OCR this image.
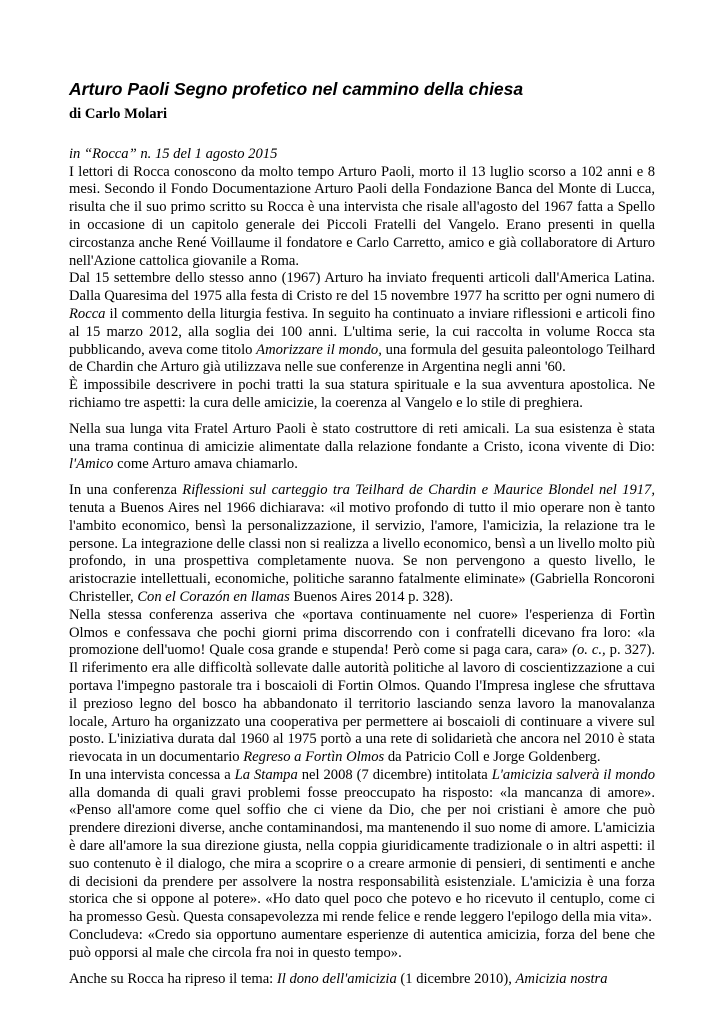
Arturo Paoli Segno profetico nel cammino della chiesa
di Carlo Molari
in “Rocca” n. 15 del 1 agosto 2015

I lettori di Rocca conoscono da molto tempo Arturo Paoli, morto il 13 luglio scorso a 102 anni e 8 mesi. Secondo il Fondo Documentazione Arturo Paoli della Fondazione Banca del Monte di Lucca, risulta che il suo primo scritto su Rocca è una intervista che risale all'agosto del 1967 fatta a Spello in occasione di un capitolo generale dei Piccoli Fratelli del Vangelo. Erano presenti in quella circostanza anche René Voillaume il fondatore e Carlo Carretto, amico e già collaboratore di Arturo nell'Azione cattolica giovanile a Roma.

Dal 15 settembre dello stesso anno (1967) Arturo ha inviato frequenti articoli dall'America Latina. Dalla Quaresima del 1975 alla festa di Cristo re del 15 novembre 1977 ha scritto per ogni numero di Rocca il commento della liturgia festiva. In seguito ha continuato a inviare riflessioni e articoli fino al 15 marzo 2012, alla soglia dei 100 anni. L'ultima serie, la cui raccolta in volume Rocca sta pubblicando, aveva come titolo Amorizzare il mondo, una formula del gesuita paleontologo Teilhard de Chardin che Arturo già utilizzava nelle sue conferenze in Argentina negli anni '60.

È impossibile descrivere in pochi tratti la sua statura spirituale e la sua avventura apostolica. Ne richiamo tre aspetti: la cura delle amicizie, la coerenza al Vangelo e lo stile di preghiera.

Nella sua lunga vita Fratel Arturo Paoli è stato costruttore di reti amicali. La sua esistenza è stata una trama continua di amicizie alimentate dalla relazione fondante a Cristo, icona vivente di Dio: l'Amico come Arturo amava chiamarlo.

In una conferenza Riflessioni sul carteggio tra Teilhard de Chardin e Maurice Blondel nel 1917, tenuta a Buenos Aires nel 1966 dichiarava: «il motivo profondo di tutto il mio operare non è tanto l'ambito economico, bensì la personalizzazione, il servizio, l'amore, l'amicizia, la relazione tra le persone. La integrazione delle classi non si realizza a livello economico, bensì a un livello molto più profondo, in una prospettiva completamente nuova. Se non pervengono a questo livello, le aristocrazie intellettuali, economiche, politiche saranno fatalmente eliminate» (Gabriella Roncoroni Christeller, Con el Corazón en llamas Buenos Aires 2014 p. 328).

Nella stessa conferenza asseriva che «portava continuamente nel cuore» l'esperienza di Fortìn Olmos e confessava che pochi giorni prima discorrendo con i confratelli dicevano fra loro: «la promozione dell'uomo! Quale cosa grande e stupenda! Però come si paga cara, cara» (o. c., p. 327). Il riferimento era alle difficoltà sollevate dalle autorità politiche al lavoro di coscientizzazione a cui portava l'impegno pastorale tra i boscaioli di Fortin Olmos. Quando l'Impresa inglese che sfruttava il prezioso legno del bosco ha abbandonato il territorio lasciando senza lavoro la manovalanza locale, Arturo ha organizzato una cooperativa per permettere ai boscaioli di continuare a vivere sul posto. L'iniziativa durata dal 1960 al 1975 portò a una rete di solidarietà che ancora nel 2010 è stata rievocata in un documentario Regreso a Fortìn Olmos da Patricio Coll e Jorge Goldenberg.

In una intervista concessa a La Stampa nel 2008 (7 dicembre) intitolata L'amicizia salverà il mondo alla domanda di quali gravi problemi fosse preoccupato ha risposto: «la mancanza di amore». «Penso all'amore come quel soffio che ci viene da Dio, che per noi cristiani è amore che può prendere direzioni diverse, anche contaminandosi, ma mantenendo il suo nome di amore. L'amicizia è dare all'amore la sua direzione giusta, nella coppia giuridicamente tradizionale o in altri aspetti: il suo contenuto è il dialogo, che mira a scoprire o a creare armonie di pensieri, di sentimenti e anche di decisioni da prendere per assolvere la nostra responsabilità esistenziale. L'amicizia è una forza storica che si oppone al potere». «Ho dato quel poco che potevo e ho ricevuto il centuplo, come ci ha promesso Gesù. Questa consapevolezza mi rende felice e rende leggero l'epilogo della mia vita».

Concludeva: «Credo sia opportuno aumentare esperienze di autentica amicizia, forza del bene che può opporsi al male che circola fra noi in questo tempo».

Anche su Rocca ha ripreso il tema: Il dono dell'amicizia (1 dicembre 2010), Amicizia nostra
